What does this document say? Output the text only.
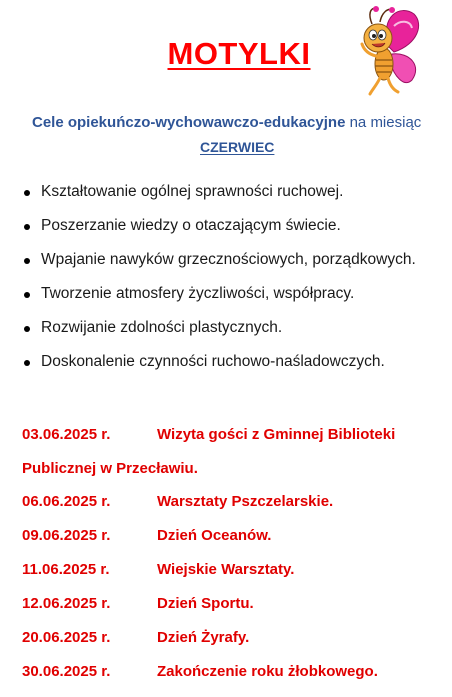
MOTYLKI
Cele opiekuńczo-wychowawczo-edukacyjne na miesiąc
CZERWIEC
Kształtowanie ogólnej sprawności ruchowej.
Poszerzanie wiedzy o otaczającym świecie.
Wpajanie nawyków grzecznościowych, porządkowych.
Tworzenie atmosfery życzliwości, współpracy.
Rozwijanie zdolności plastycznych.
Doskonalenie czynności ruchowo-naśladowczych.
03.06.2025 r.	Wizyta gości z Gminnej Biblioteki
Publicznej w Przecławiu.
06.06.2025 r.	Warsztaty Pszczelarskie.
09.06.2025 r.	Dzień Oceanów.
11.06.2025 r.	Wiejskie Warsztaty.
12.06.2025 r.	Dzień Sportu.
20.06.2025 r.	Dzień Żyrafy.
30.06.2025 r.	Zakończenie roku żłobkowego.
